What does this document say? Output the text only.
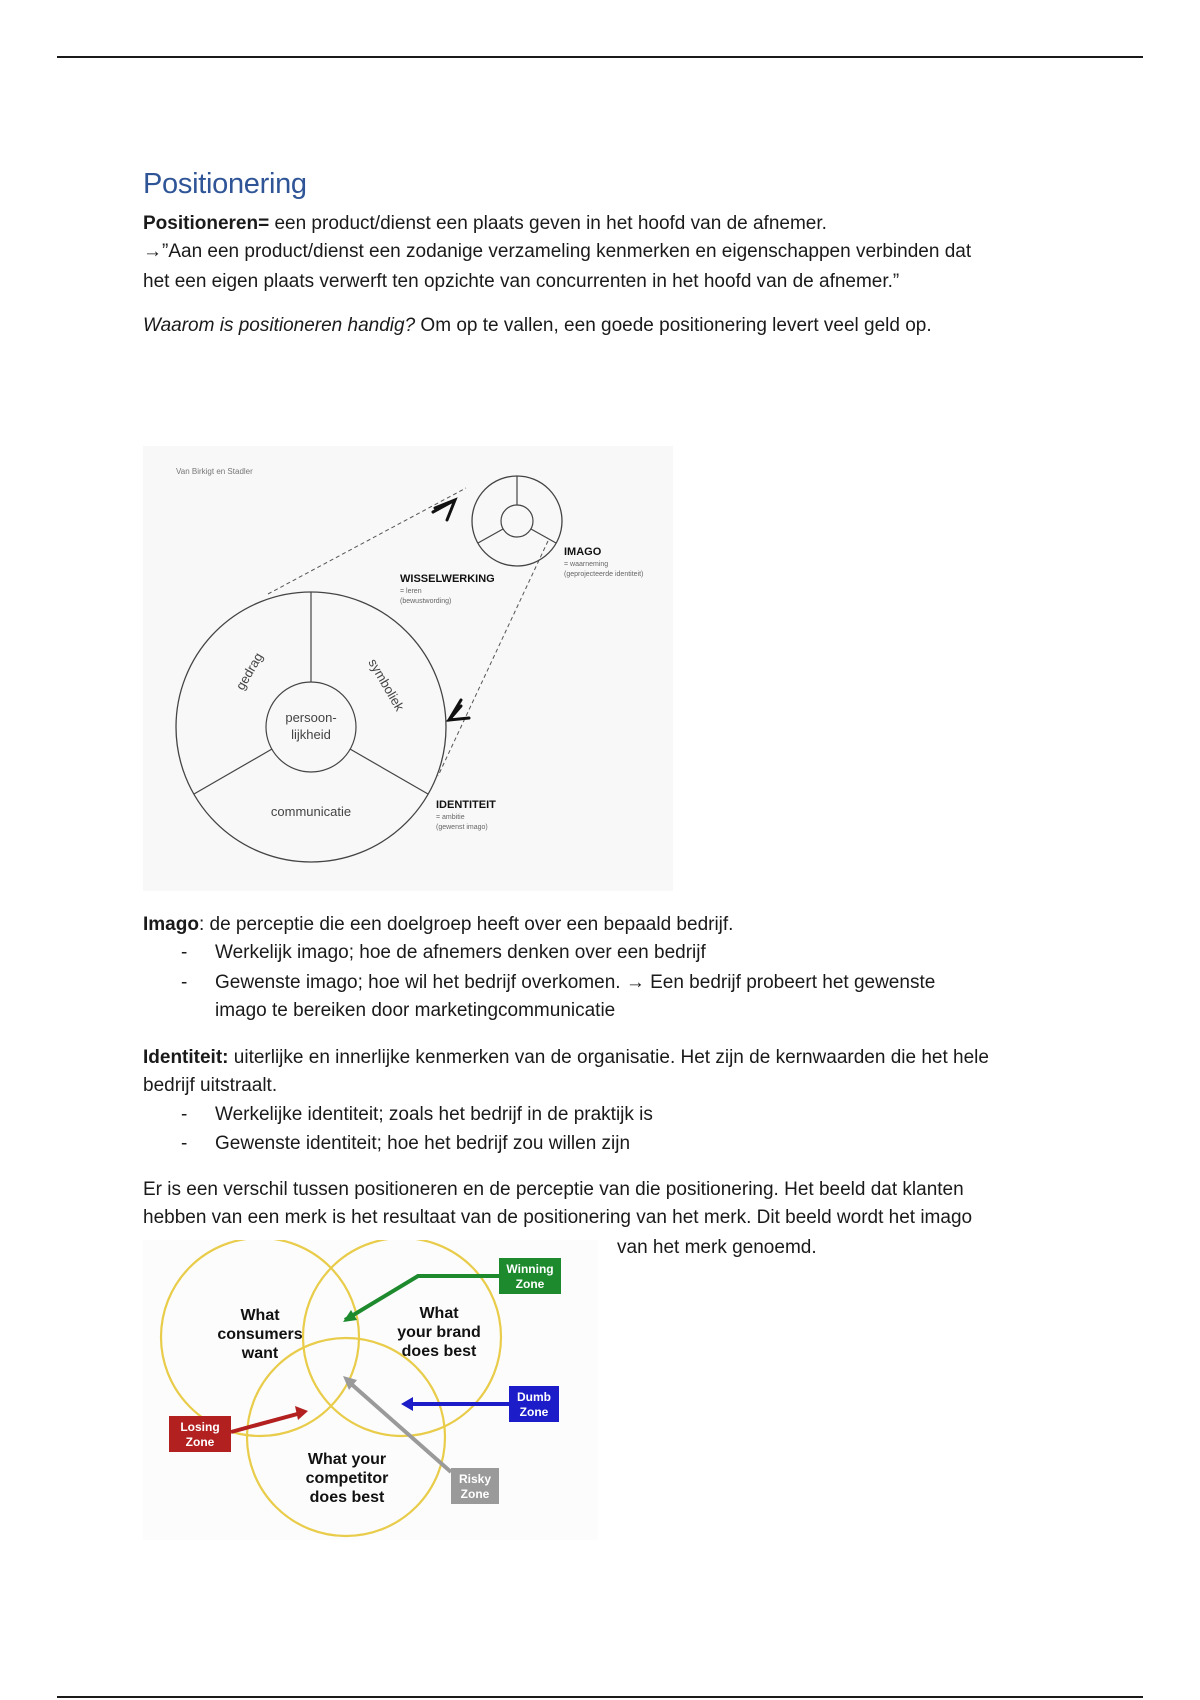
Positionering
Positioneren= een product/dienst een plaats geven in het hoofd van de afnemer.
→”Aan een product/dienst een zodanige verzameling kenmerken en eigenschappen verbinden dat
het een eigen plaats verwerft ten opzichte van concurrenten in het hoofd van de afnemer.”
Waarom is positioneren handig? Om op te vallen, een goede positionering levert veel geld op.
Van Birkigt en Stadler
IMAGO
= waarneming
(geprojecteerde identiteit)
WISSELWERKING
= leren
(bewustwording)
gedrag	symboliek
communicatie
persoon-
lijkheid
IDENTITEIT
= ambitie
(gewenst imago)
Imago: de perceptie die een doelgroep heeft over een bepaald bedrijf.
- Werkelijk imago; hoe de afnemers denken over een bedrijf
- Gewenste imago; hoe wil het bedrijf overkomen. → Een bedrijf probeert het gewenste
imago te bereiken door marketingcommunicatie
Identiteit: uiterlijke en innerlijke kenmerken van de organisatie. Het zijn de kernwaarden die het hele
bedrijf uitstraalt.
- Werkelijke identiteit; zoals het bedrijf in de praktijk is
- Gewenste identiteit; hoe het bedrijf zou willen zijn
Er is een verschil tussen positioneren en de perceptie van die positionering. Het beeld dat klanten
hebben van een merk is het resultaat van de positionering van het merk. Dit beeld wordt het imago
van het merk genoemd.
What
consumers
want
What
your brand
does best
What your
competitor
does best
Winning
Zone
Dumb
Zone
Losing
Zone
Risky
Zone
